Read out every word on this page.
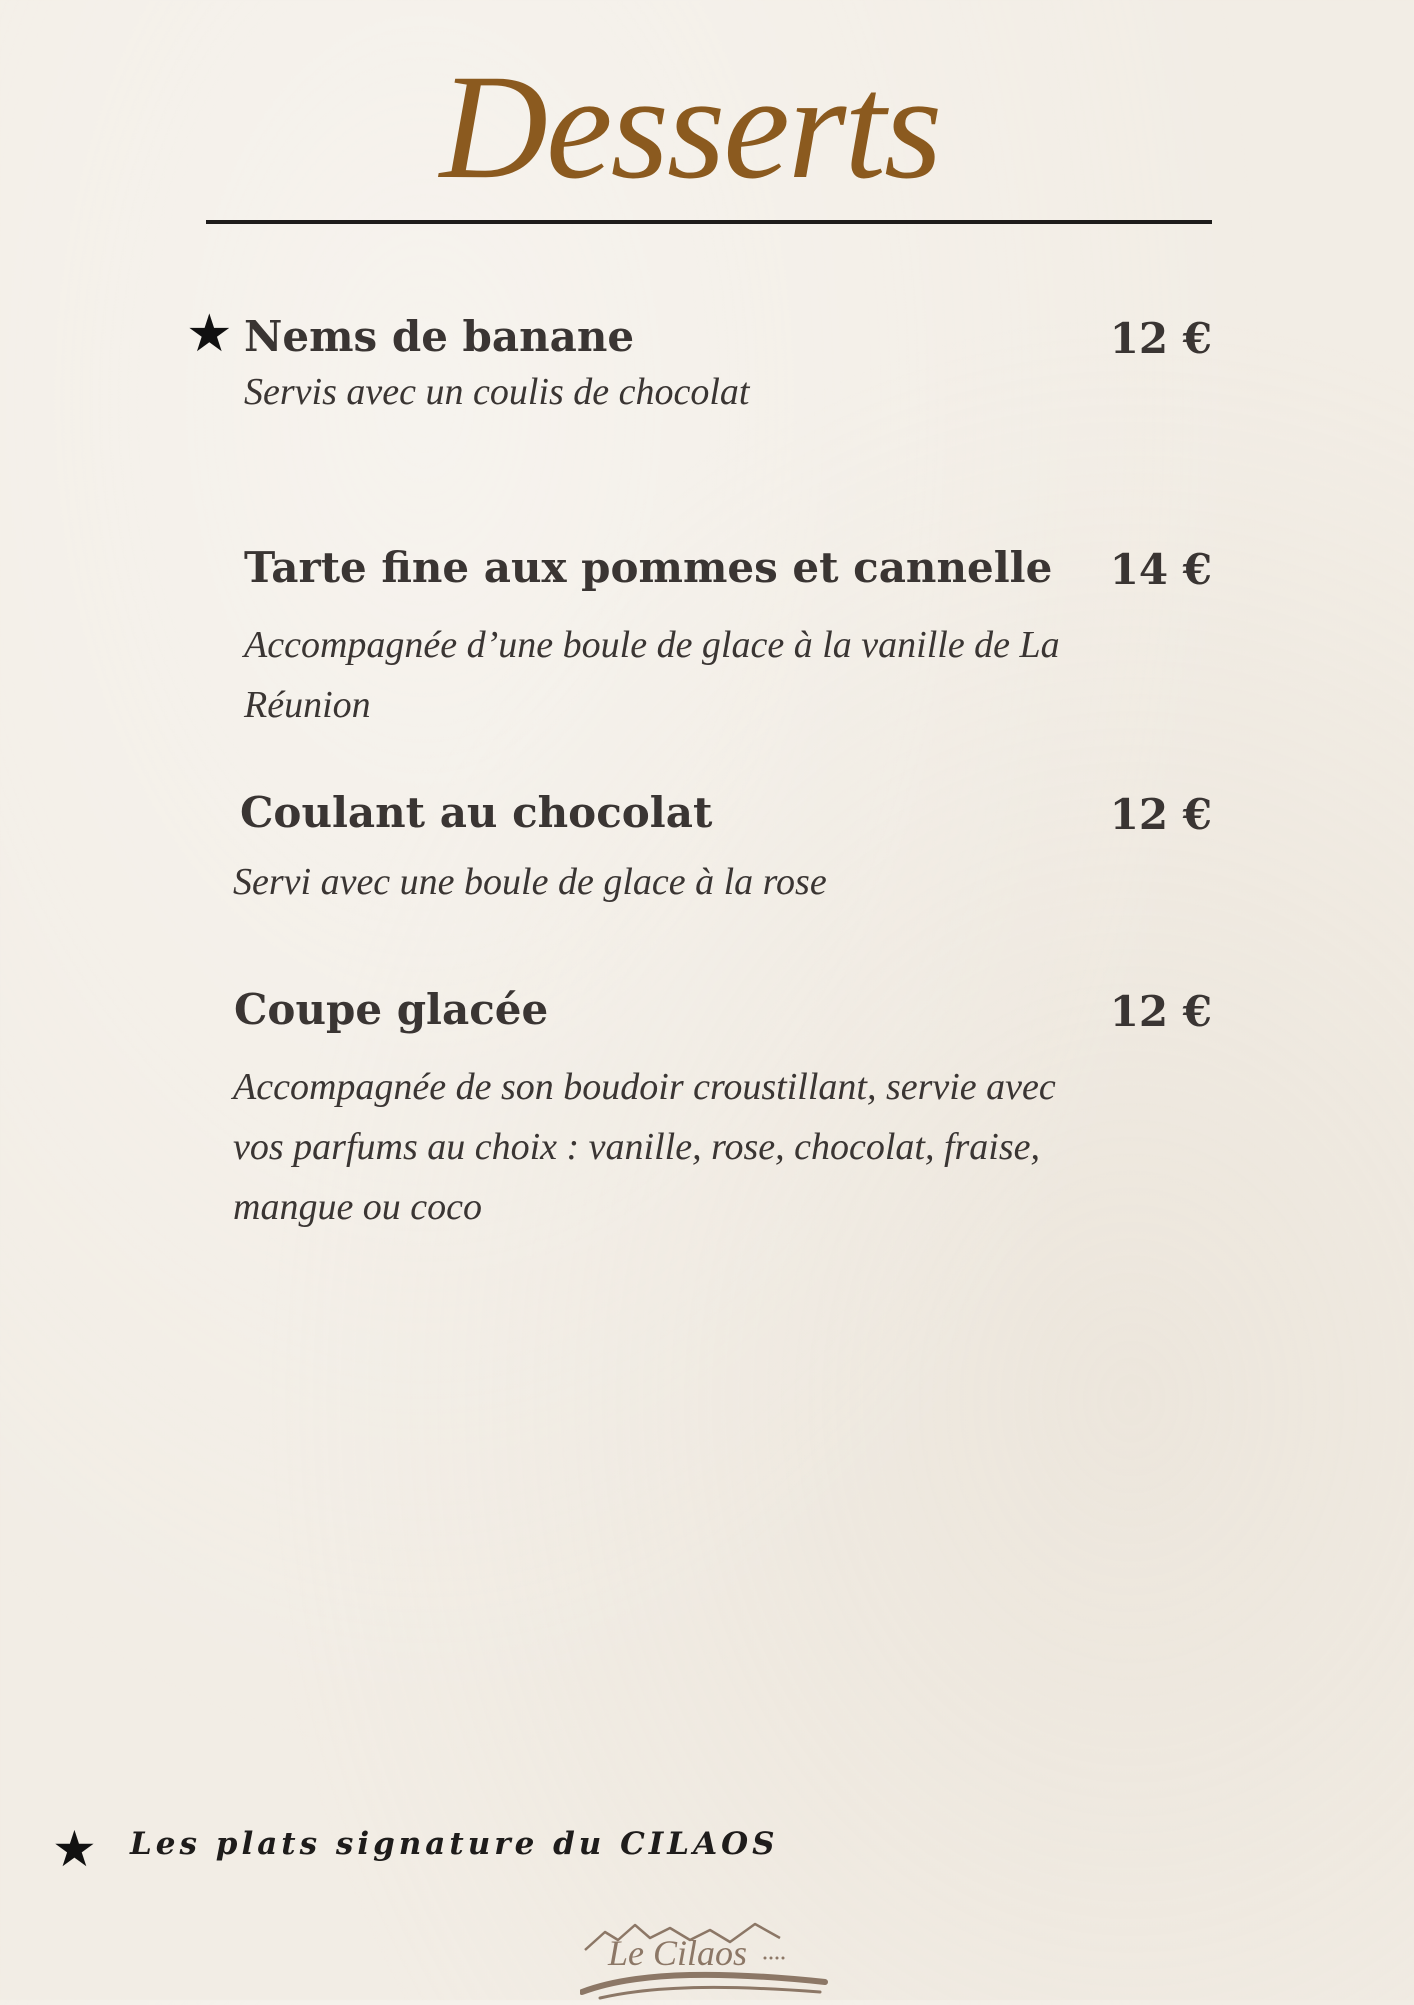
Desserts
★ Nems de banane	12 €
Servis avec un coulis de chocolat
Tarte fine aux pommes et cannelle 14 €
Accompagnée d’une boule de glace à la vanille de La Réunion
Coulant au chocolat	12 €
Servi avec une boule de glace à la rose
Coupe glacée	12 €
Accompagnée de son boudoir croustillant, servie avec vos parfums au choix : vanille, rose, chocolat, fraise, mangue ou coco
★ Les plats signature du CILAOS
Le Cilaos
